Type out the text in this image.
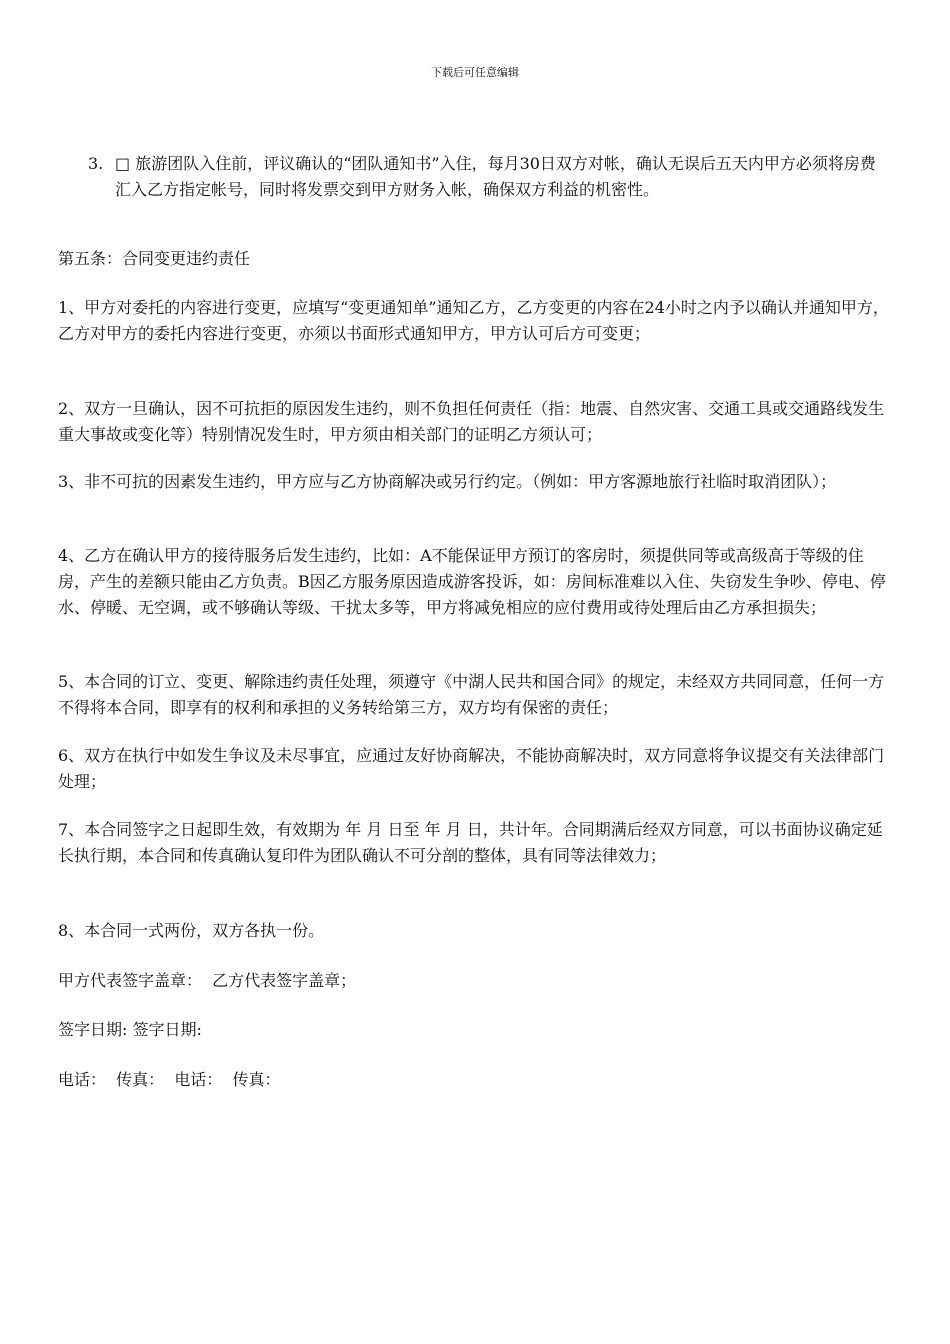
下载后可任意编辑
3. □ 旅游团队入住前，评议确认的“团队通知书”入住，每月30日双方对帐，确认无误后五天内甲方必须将房费汇入乙方指定帐号，同时将发票交到甲方财务入帐，确保双方利益的机密性。

第五条：合同变更违约责任

1、甲方对委托的内容进行变更，应填写“变更通知单”通知乙方，乙方变更的内容在24小时之内予以确认并通知甲方，乙方对甲方的委托内容进行变更，亦须以书面形式通知甲方，甲方认可后方可变更；

2、双方一旦确认，因不可抗拒的原因发生违约，则不负担任何责任（指：地震、自然灾害、交通工具或交通路线发生重大事故或变化等）特别情况发生时，甲方须由相关部门的证明乙方须认可；

3、非不可抗的因素发生违约，甲方应与乙方协商解决或另行约定。（例如：甲方客源地旅行社临时取消团队）；

4、乙方在确认甲方的接待服务后发生违约，比如：A不能保证甲方预订的客房时，须提供同等或高级高于等级的住房，产生的差额只能由乙方负责。B因乙方服务原因造成游客投诉，如：房间标准难以入住、失窃发生争吵、停电、停水、停暖、无空调，或不够确认等级、干扰太多等，甲方将减免相应的应付费用或待处理后由乙方承担损失；

5、本合同的订立、变更、解除违约责任处理，须遵守《中湖人民共和国合同》的规定，未经双方共同同意，任何一方不得将本合同，即享有的权利和承担的义务转给第三方，双方均有保密的责任；

6、双方在执行中如发生争议及未尽事宜，应通过友好协商解决，不能协商解决时，双方同意将争议提交有关法律部门处理；

7、本合同签字之日起即生效，有效期为 年 月 日至 年 月 日，共计年。合同期满后经双方同意，可以书面协议确定延长执行期，本合同和传真确认复印件为团队确认不可分剖的整体，具有同等法律效力；

8、本合同一式两份，双方各执一份。

甲方代表签字盖章：  乙方代表签字盖章；

签字日期: 签字日期:

电话：  传真：  电话：  传真：
